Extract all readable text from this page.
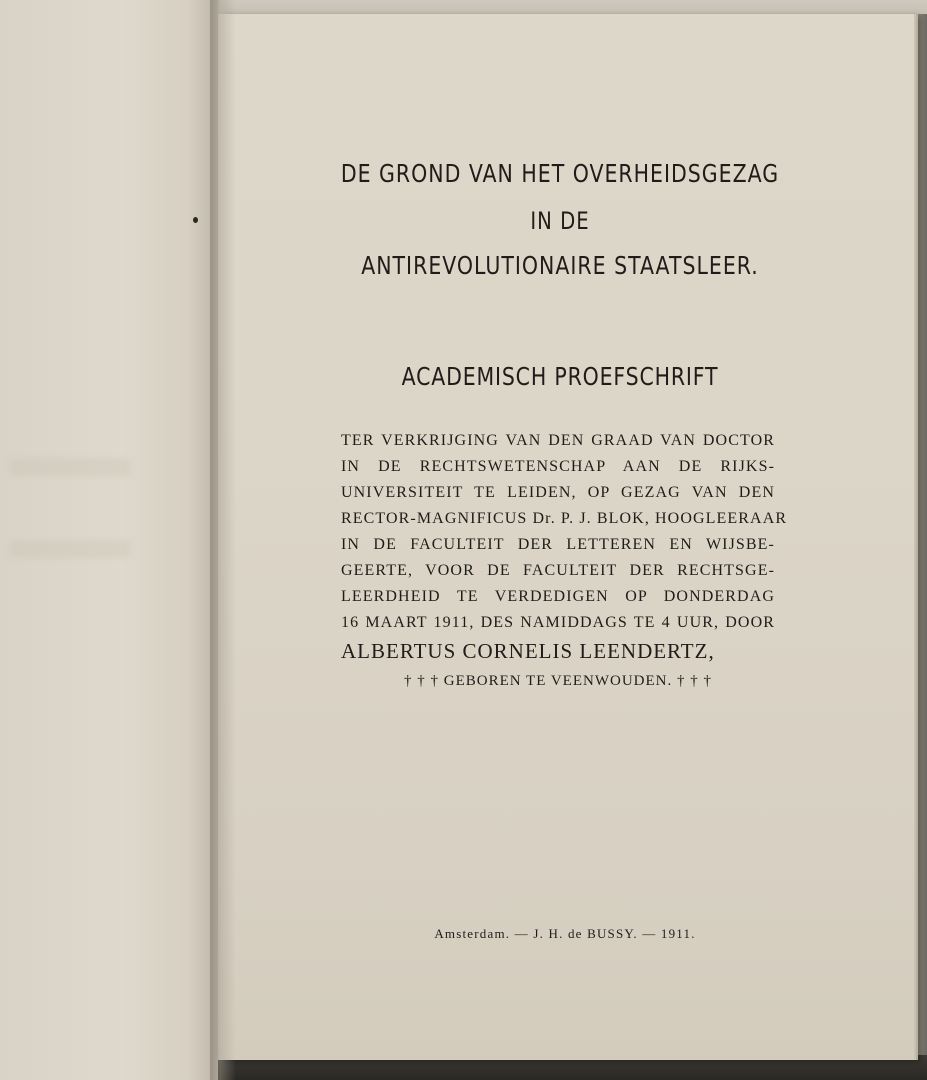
DE GROND VAN HET OVERHEIDSGEZAG
IN DE
ANTIREVOLUTIONAIRE STAATSLEER.
ACADEMISCH PROEFSCHRIFT
TER VERKRIJGING VAN DEN GRAAD VAN DOCTOR
IN DE RECHTSWETENSCHAP AAN DE RIJKS-
UNIVERSITEIT TE LEIDEN, OP GEZAG VAN DEN
RECTOR-MAGNIFICUS Dr. P. J. BLOK, HOOGLEERAAR
IN DE FACULTEIT DER LETTEREN EN WIJSBE-
GEERTE, VOOR DE FACULTEIT DER RECHTSGE-
LEERDHEID TE VERDEDIGEN OP DONDERDAG
16 MAART 1911, DES NAMIDDAGS TE 4 UUR, DOOR
ALBERTUS CORNELIS LEENDERTZ,
† † † GEBOREN TE VEENWOUDEN. † † †
Amsterdam. — J. H. de BUSSY. — 1911.
